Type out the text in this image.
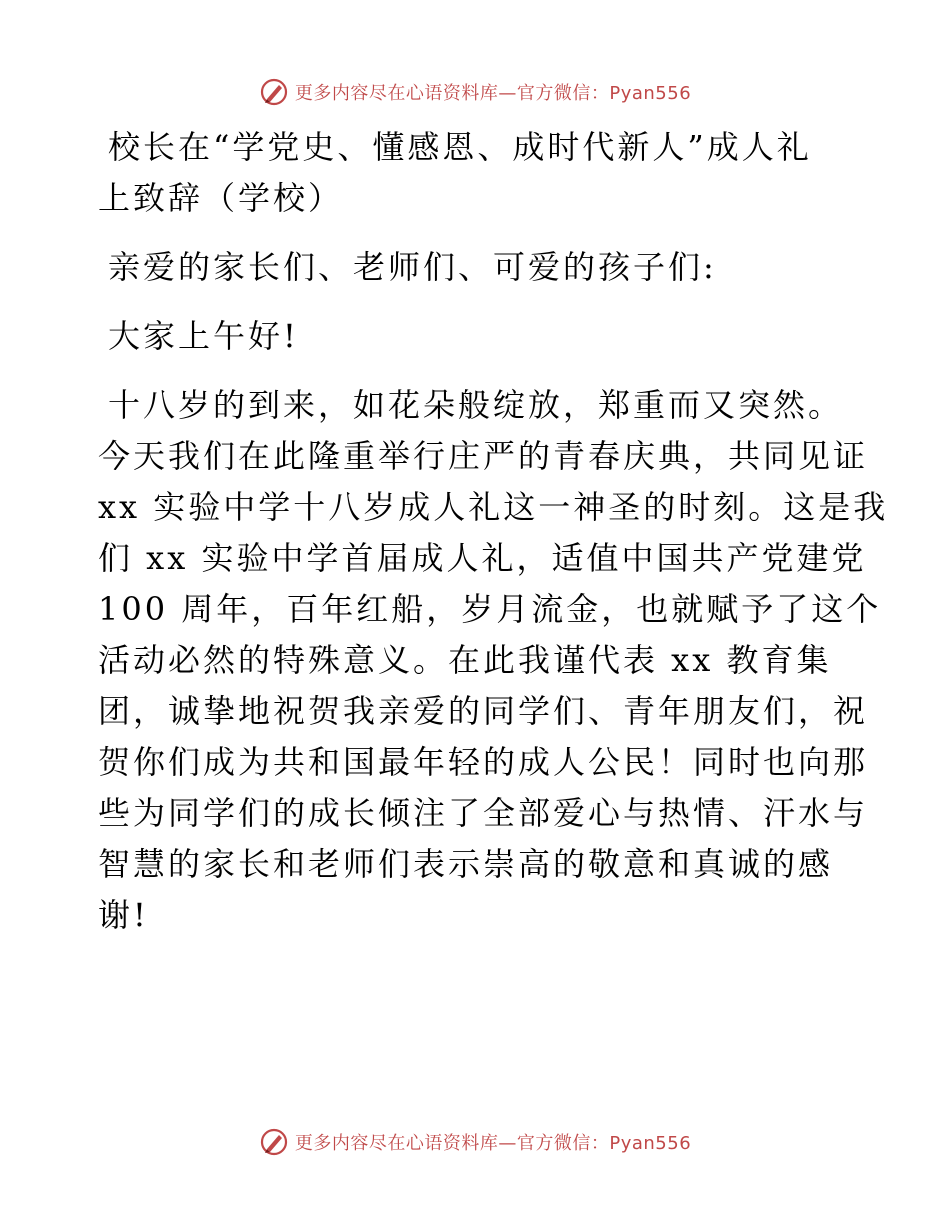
更多内容尽在心语资料库—官方微信：Pyan556

校长在“学党史、懂感恩、成时代新人”成人礼

上致辞（学校）

亲爱的家长们、老师们、可爱的孩子们:

大家上午好!

十八岁的到来，如花朵般绽放，郑重而又突然。

今天我们在此隆重举行庄严的青春庆典，共同见证

xx 实验中学十八岁成人礼这一神圣的时刻。这是我

们 xx 实验中学首届成人礼，适值中国共产党建党

100 周年，百年红船，岁月流金，也就赋予了这个

活动必然的特殊意义。在此我谨代表 xx 教育集

团，诚挚地祝贺我亲爱的同学们、青年朋友们，祝

贺你们成为共和国最年轻的成人公民！同时也向那

些为同学们的成长倾注了全部爱心与热情、汗水与

智慧的家长和老师们表示崇高的敬意和真诚的感

谢!

更多内容尽在心语资料库—官方微信：Pyan556
